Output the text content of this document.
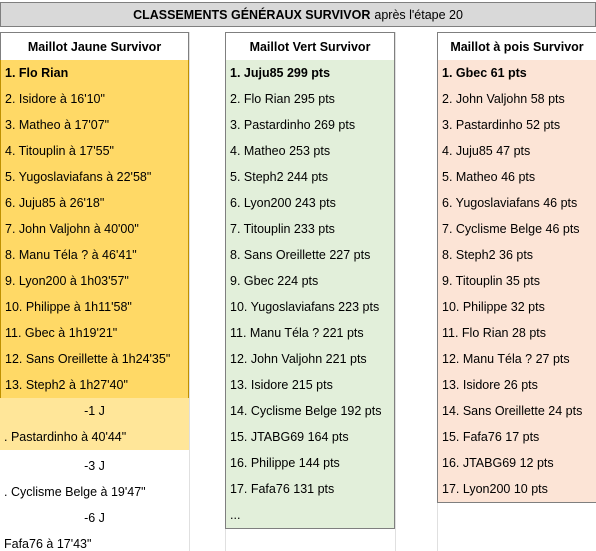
CLASSEMENTS GÉNÉRAUX SURVIVOR après l'étape 20
Maillot Jaune Survivor	Maillot Vert Survivor	Maillot à pois Survivor
1. Flo Rian
2. Isidore à 16'10"
3. Matheo à 17'07"
4. Titouplin à 17'55"
5. Yugoslaviafans à 22'58"
6. Juju85 à 26'18"
7. John Valjohn à 40'00"
8. Manu Téla ? à 46'41"
9. Lyon200 à 1h03'57"
10. Philippe à 1h11'58"
11. Gbec à 1h19'21"
12. Sans Oreillette à 1h24'35"
13. Steph2 à 1h27'40"
1. Juju85 299 pts
2. Flo Rian 295 pts
3. Pastardinho 269 pts
4. Matheo 253 pts
5. Steph2 244 pts
6. Lyon200 243 pts
7. Titouplin 233 pts
8. Sans Oreillette 227 pts
9. Gbec 224 pts
10. Yugoslaviafans 223 pts
11. Manu Téla ? 221 pts
12. John Valjohn 221 pts
13. Isidore 215 pts
14. Cyclisme Belge 192 pts
15. JTABG69 164 pts
16. Philippe 144 pts
17. Fafa76 131 pts
...
1. Gbec 61 pts
2. John Valjohn 58 pts
3. Pastardinho 52 pts
4. Juju85 47 pts
5. Matheo 46 pts
6. Yugoslaviafans 46 pts
7. Cyclisme Belge 46 pts
8. Steph2 36 pts
9. Titouplin 35 pts
10. Philippe 32 pts
11. Flo Rian 28 pts
12. Manu Téla ? 27 pts
13. Isidore 26 pts
14. Sans Oreillette 24 pts
15. Fafa76 17 pts
16. JTABG69 12 pts
17. Lyon200 10 pts
-1 J
. Pastardinho à 40'44"
-3 J
. Cyclisme Belge à 19'47"
-6 J
Fafa76 à 17'43"
